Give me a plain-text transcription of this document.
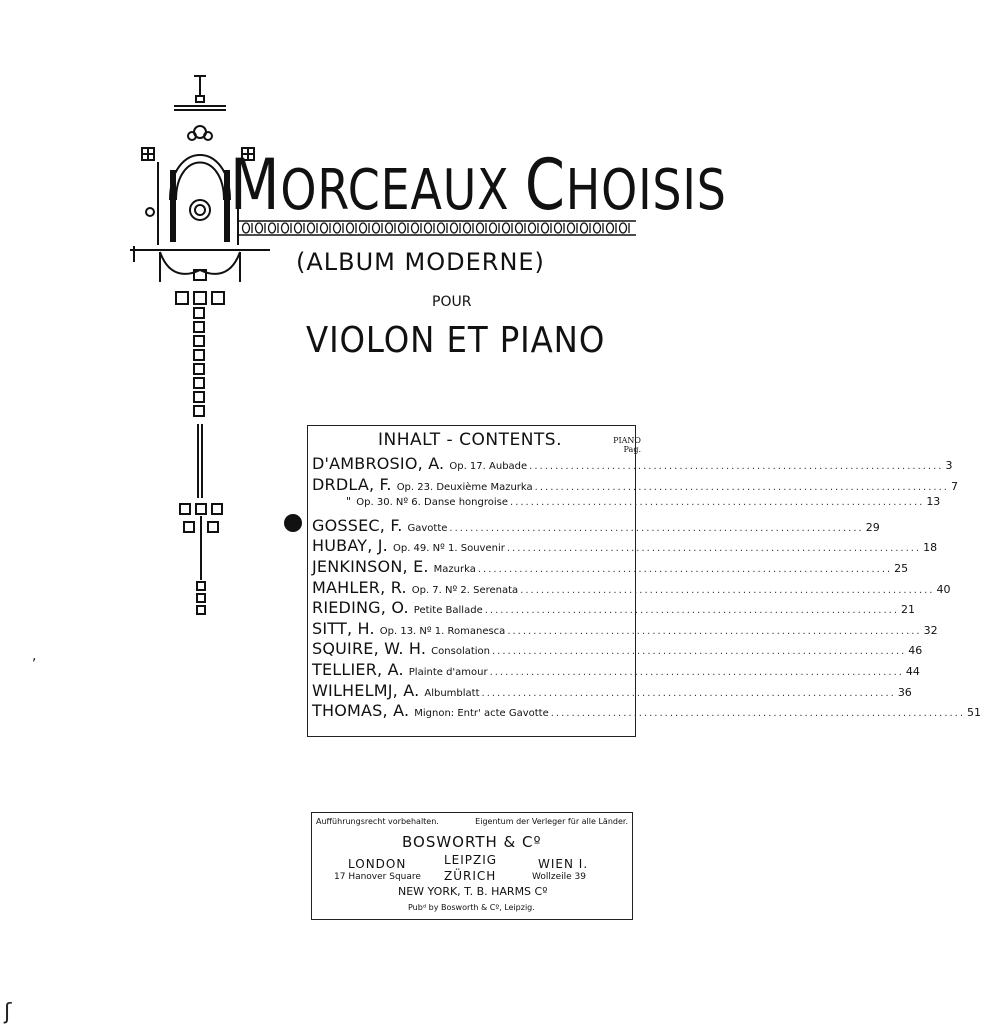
MORCEAUX CHOISIS
(ALBUM MODERNE)
POUR
VIOLON ET PIANO
INHALT - CONTENTS.	PIANO
Pag.
D'AMBROSIO, A. Op. 17. Aubade ................................................................................ 3
DRDLA, F. Op. 23. Deuxième Mazurka ................................................................................ 7
" Op. 30. Nº 6. Danse hongroise ................................................................................ 13
GOSSEC, F. Gavotte ................................................................................ 29
HUBAY, J. Op. 49. Nº 1. Souvenir ................................................................................ 18
JENKINSON, E. Mazurka ................................................................................ 25
MAHLER, R. Op. 7. Nº 2. Serenata ................................................................................ 40
RIEDING, O. Petite Ballade ................................................................................ 21
SITT, H. Op. 13. Nº 1. Romanesca ................................................................................ 32
SQUIRE, W. H. Consolation ................................................................................ 46
TELLIER, A. Plainte d'amour ................................................................................ 44
WILHELMJ, A. Albumblatt ................................................................................ 36
THOMAS, A. Mignon: Entr' acte Gavotte ................................................................................ 51
Aufführungsrecht vorbehalten.	Eigentum der Verleger für alle Länder.
BOSWORTH & Cº
LONDON
17 Hanover Square
LEIPZIG
ZÜRICH
WIEN I.
Wollzeile 39
NEW YORK, T. B. HARMS Cº
Pubᵈ by Bosworth & Cº, Leipzig.
,
ʃ
